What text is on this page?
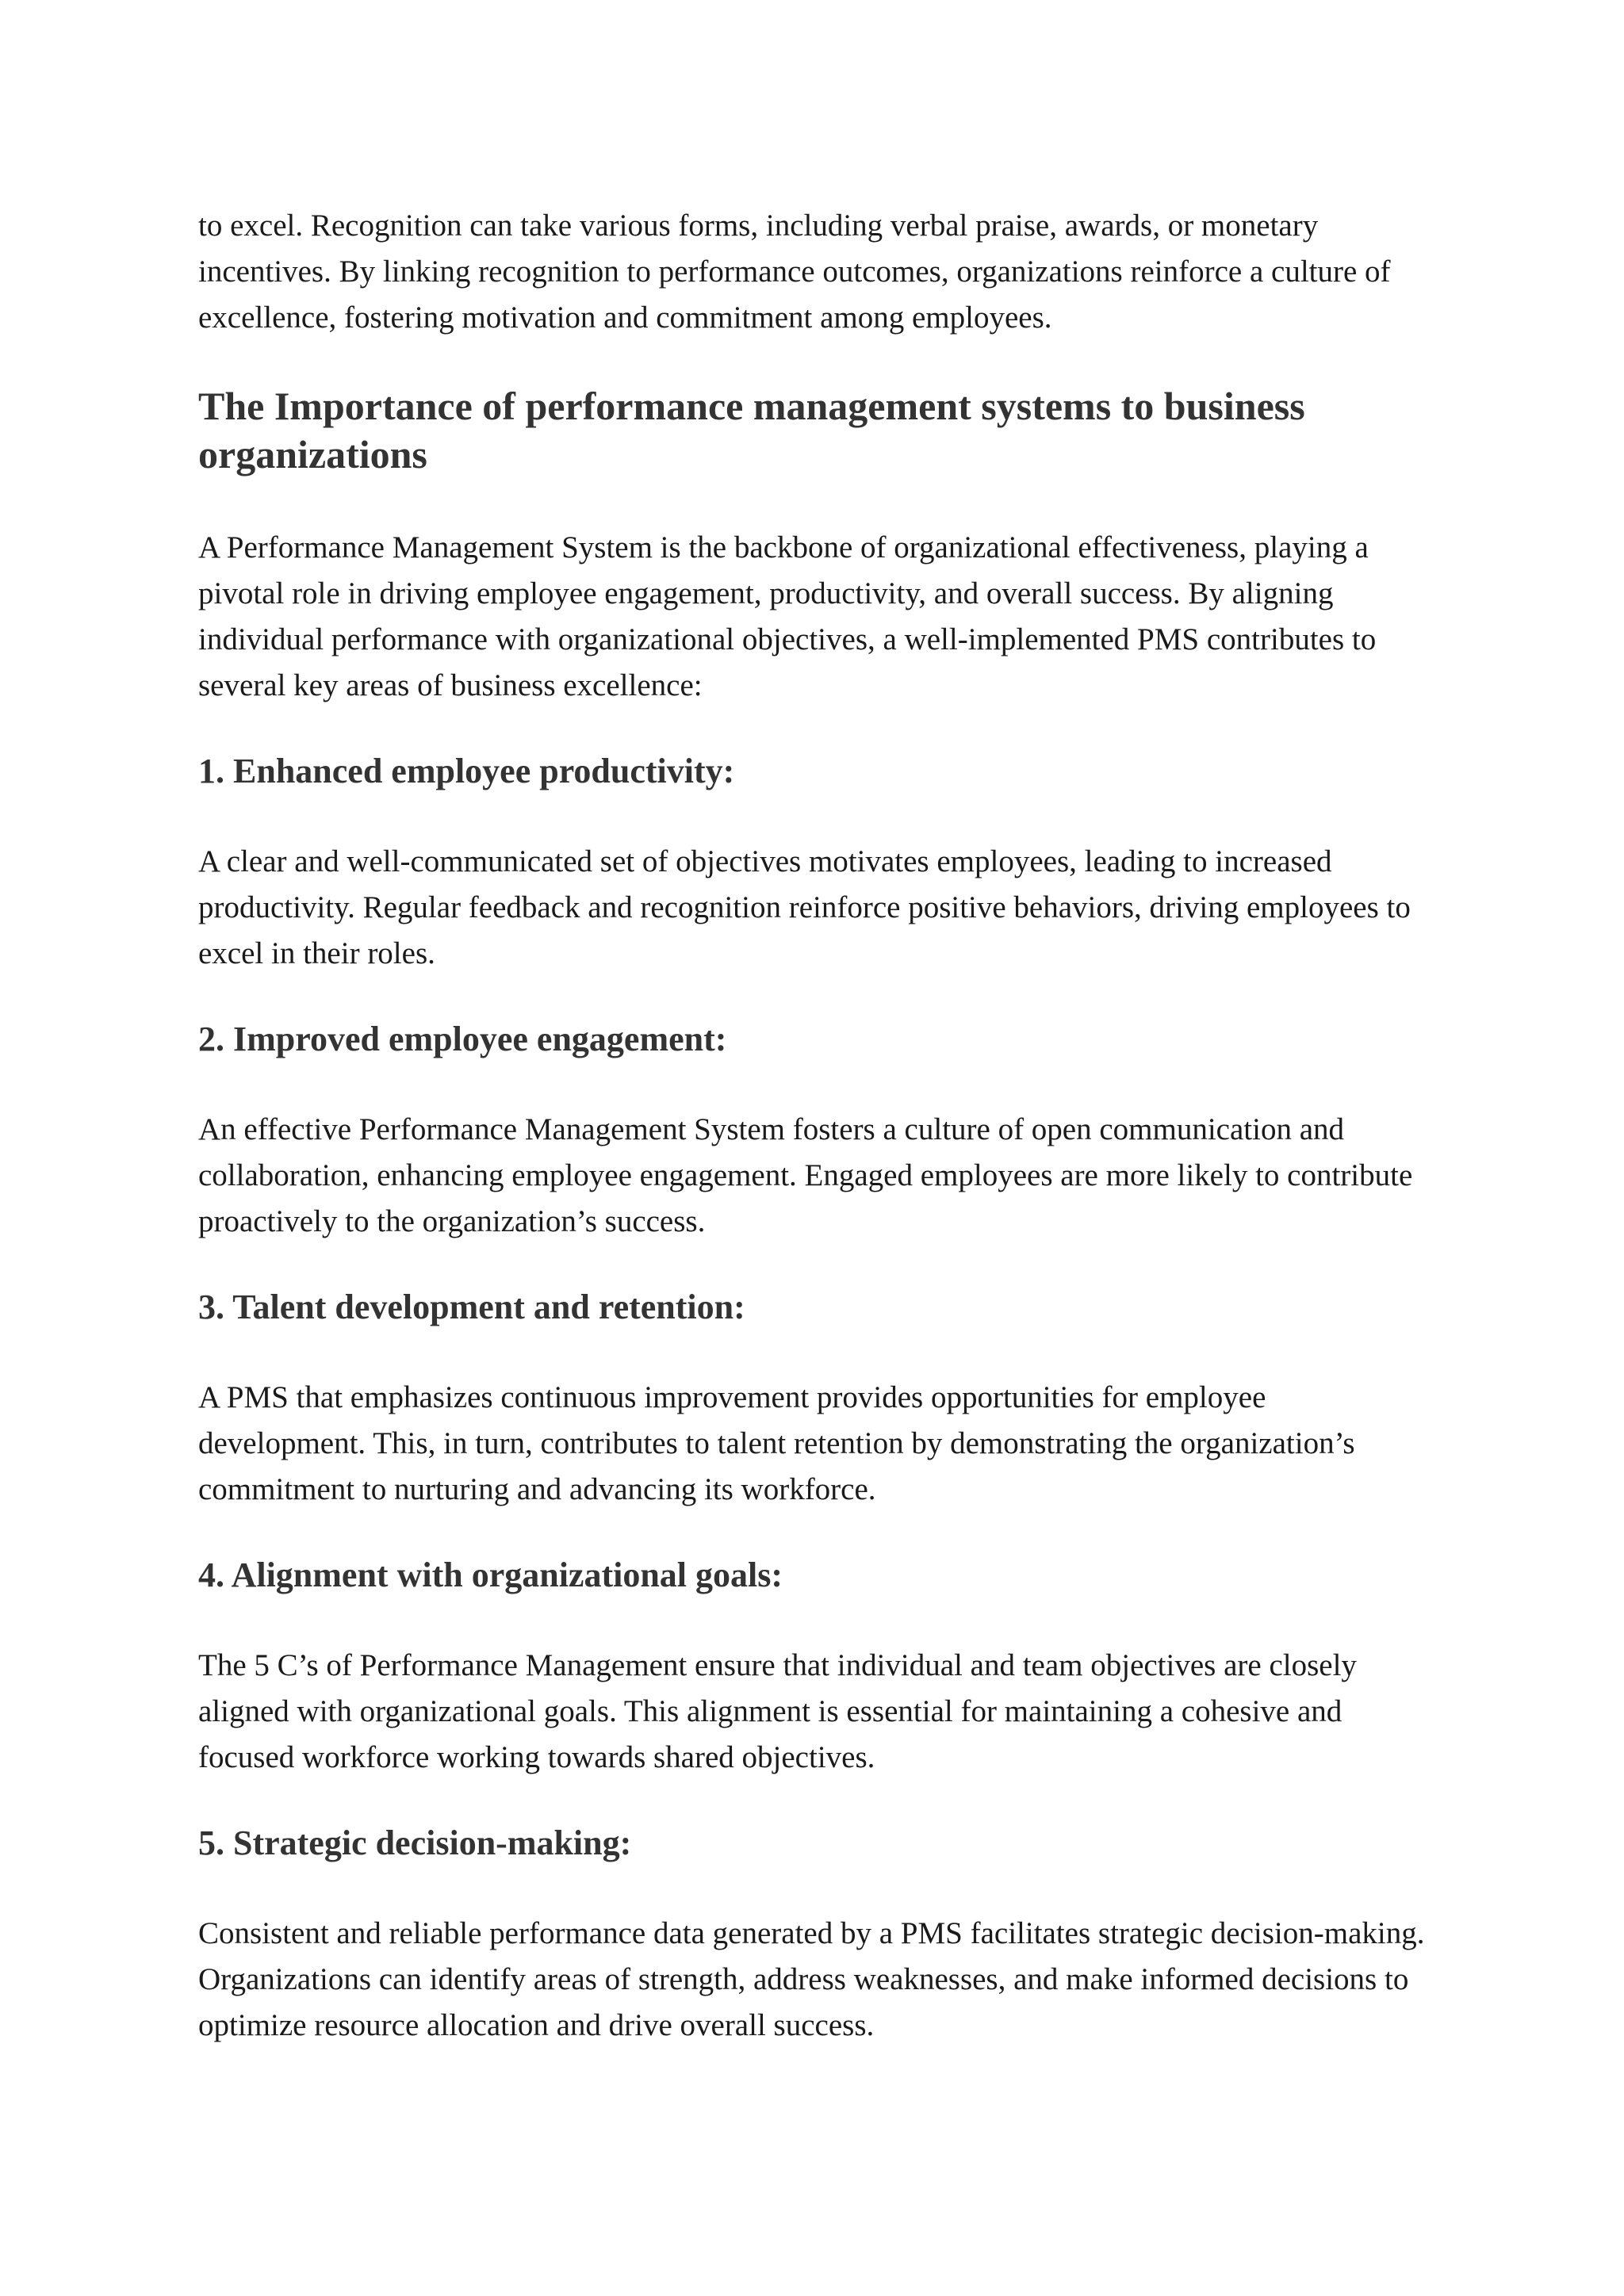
to excel. Recognition can take various forms, including verbal praise, awards, or monetary incentives. By linking recognition to performance outcomes, organizations reinforce a culture of excellence, fostering motivation and commitment among employees.

The Importance of performance management systems to business organizations

A Performance Management System is the backbone of organizational effectiveness, playing a pivotal role in driving employee engagement, productivity, and overall success. By aligning individual performance with organizational objectives, a well-implemented PMS contributes to several key areas of business excellence:

1. Enhanced employee productivity:

A clear and well-communicated set of objectives motivates employees, leading to increased productivity. Regular feedback and recognition reinforce positive behaviors, driving employees to excel in their roles.

2. Improved employee engagement:

An effective Performance Management System fosters a culture of open communication and collaboration, enhancing employee engagement. Engaged employees are more likely to contribute proactively to the organization’s success.

3. Talent development and retention:

A PMS that emphasizes continuous improvement provides opportunities for employee development. This, in turn, contributes to talent retention by demonstrating the organization’s commitment to nurturing and advancing its workforce.

4. Alignment with organizational goals:

The 5 C’s of Performance Management ensure that individual and team objectives are closely aligned with organizational goals. This alignment is essential for maintaining a cohesive and focused workforce working towards shared objectives.

5. Strategic decision-making:

Consistent and reliable performance data generated by a PMS facilitates strategic decision-making. Organizations can identify areas of strength, address weaknesses, and make informed decisions to optimize resource allocation and drive overall success.
